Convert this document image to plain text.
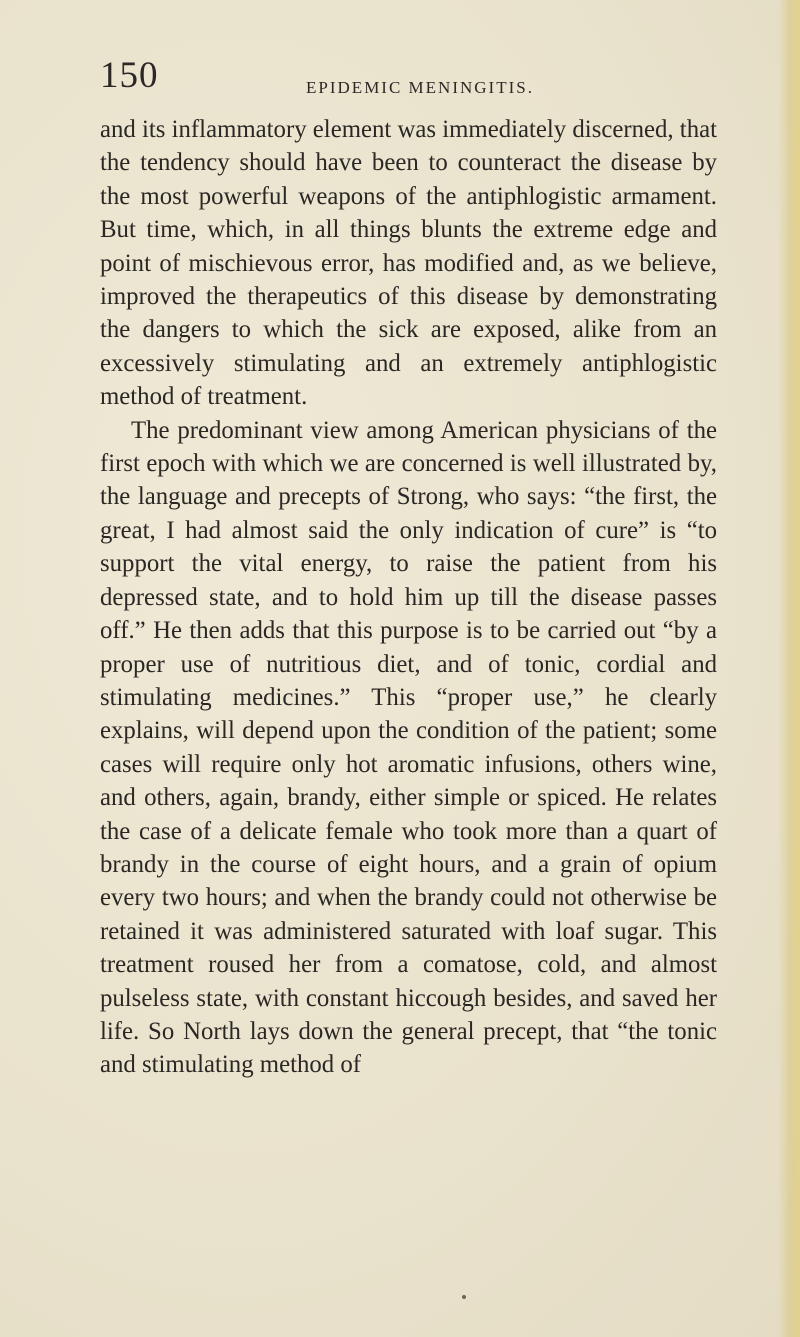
150	EPIDEMIC MENINGITIS.

and its inflammatory element was immediately discerned, that the tendency should have been to counteract the disease by the most powerful weapons of the antiphlogistic armament. But time, which, in all things blunts the extreme edge and point of mischievous error, has modified and, as we believe, improved the therapeutics of this disease by demonstrating the dangers to which the sick are exposed, alike from an excessively stimulating and an extremely antiphlogistic method of treatment.

The predominant view among American physicians of the first epoch with which we are concerned is well illustrated by, the language and precepts of Strong, who says: “the first, the great, I had almost said the only indication of cure” is “to support the vital energy, to raise the patient from his depressed state, and to hold him up till the disease passes off.” He then adds that this purpose is to be carried out “by a proper use of nutritious diet, and of tonic, cordial and stimulating medicines.” This “proper use,” he clearly explains, will depend upon the condition of the patient; some cases will require only hot aromatic infusions, others wine, and others, again, brandy, either simple or spiced. He relates the case of a delicate female who took more than a quart of brandy in the course of eight hours, and a grain of opium every two hours; and when the brandy could not otherwise be retained it was administered saturated with loaf sugar. This treatment roused her from a comatose, cold, and almost pulseless state, with constant hiccough besides, and saved her life. So North lays down the general precept, that “the tonic and stimulating method of
